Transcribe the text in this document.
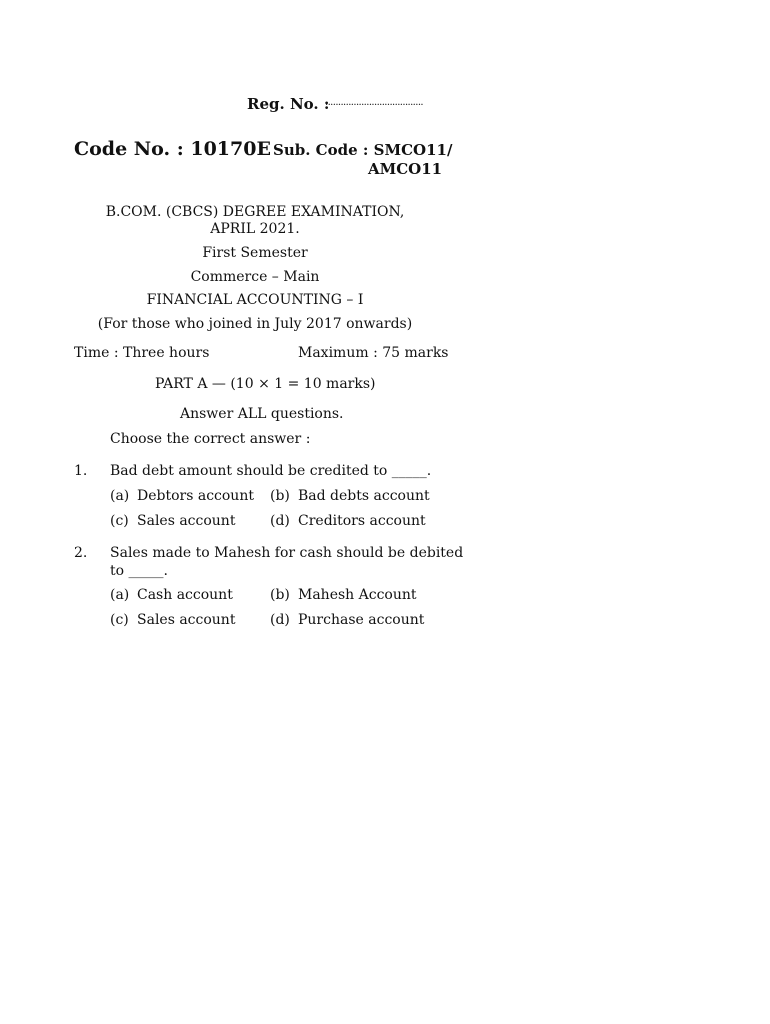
Reg. No. :
......................................
Code No. : 10170E Sub. Code : SMCO11/
AMCO11
B.COM. (CBCS) DEGREE EXAMINATION,
APRIL 2021.
First Semester
Commerce – Main
FINANCIAL ACCOUNTING – I
(For those who joined in July 2017 onwards)
Time : Three hours	Maximum : 75 marks
PART A — (10 × 1 = 10 marks)
Answer ALL questions.
Choose the correct answer :
1. Bad debt amount should be credited to _____.
(a) Debtors account (b) Bad debts account
(c) Sales account (d) Creditors account
2. Sales made to Mahesh for cash should be debited
to _____.
(a) Cash account	(b) Mahesh Account
(c) Sales account (d) Purchase account
